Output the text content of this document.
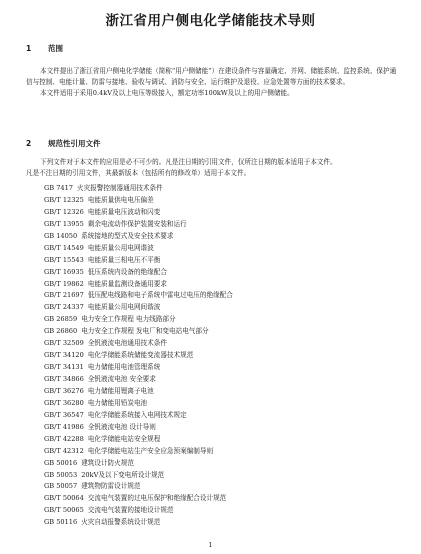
浙江省用户侧电化学储能技术导则
1 范围

本文件提出了浙江省用户侧电化学储能（简称“用户侧储能”）在建设条件与容量确定、并网、储能系统、监控系统、保护通信与控制、电能计量、防雷与接地、验收与调试、消防与安全、运行维护及退役、应急处置等方面的技术要求。

本文件适用于采用0.4kV及以上电压等级接入，额定功率100kW及以上的用户侧储能。

2 规范性引用文件

下列文件对于本文件的应用是必不可少的。凡是注日期的引用文件，仅所注日期的版本适用于本文件。

凡是不注日期的引用文件，其最新版本（包括所有的修改单）适用于本文件。

GB 7417 火灾报警控制器通用技术条件
GB/T 12325 电能质量供电电压偏差
GB/T 12326 电能质量电压波动和闪变
GB/T 13955 剩余电流动作保护装置安装和运行
GB 14050 系统接地的型式及安全技术要求
GB/T 14549 电能质量公用电网谐波
GB/T 15543 电能质量三相电压不平衡
GB/T 16935 低压系统内设备的绝缘配合
GB/T 19862 电能质量监测设备通用要求
GB/T 21697 低压配电线路和电子系统中雷电过电压的绝缘配合
GB/T 24337 电能质量公用电网间谐波
GB 26859 电力安全工作规程 电力线路部分
GB 26860 电力安全工作规程 发电厂和变电站电气部分
GB/T 32509 全钒液流电池通用技术条件
GB/T 34120 电化学储能系统储能变流器技术规范
GB/T 34131 电力储能用电池管理系统
GB/T 34866 全钒液流电池 安全要求
GB/T 36276 电力储能用锂离子电池
GB/T 36280 电力储能用铅炭电池
GB/T 36547 电化学储能系统接入电网技术规定
GB/T 41986 全钒液流电池 设计导则
GB/T 42288 电化学储能电站安全规程
GB/T 42312 电化学储能电站生产安全应急预案编制导则
GB 50016 建筑设计防火规范
GB 50053 20kV及以下变电所设计规范
GB 50057 建筑物防雷设计规范
GB/T 50064 交流电气装置的过电压保护和绝缘配合设计规范
GB/T 50065 交流电气装置的接地设计规范
GB 50116 火灾自动报警系统设计规范
1
